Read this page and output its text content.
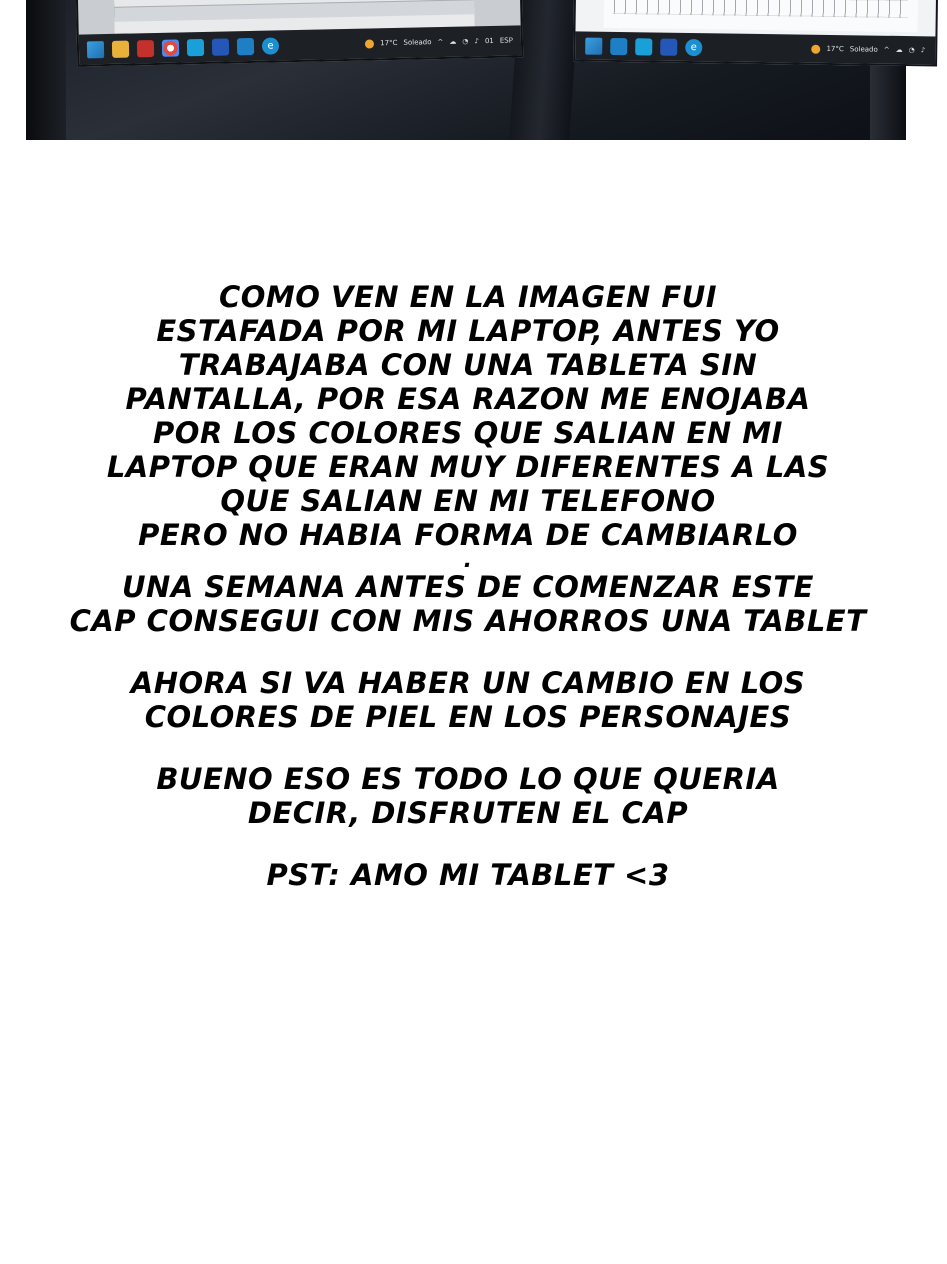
e	17°C Soleado ^ ☁ ◔ ♪ 01 ESP
e	17°C Soleado ^ ☁ ◔ ♪
COMO VEN EN LA IMAGEN FUI
ESTAFADA POR MI LAPTOP, ANTES YO
TRABAJABA CON UNA TABLETA SIN
PANTALLA, POR ESA RAZON ME ENOJABA
POR LOS COLORES QUE SALIAN EN MI
LAPTOP QUE ERAN MUY DIFERENTES A LAS
QUE SALIAN EN MI TELEFONO
PERO NO HABIA FORMA DE CAMBIARLO
.
UNA SEMANA ANTES DE COMENZAR ESTE
CAP CONSEGUI CON MIS AHORROS UNA TABLET
AHORA SI VA HABER UN CAMBIO EN LOS
COLORES DE PIEL EN LOS PERSONAJES
BUENO ESO ES TODO LO QUE QUERIA
DECIR, DISFRUTEN EL CAP
PST: AMO MI TABLET <3
